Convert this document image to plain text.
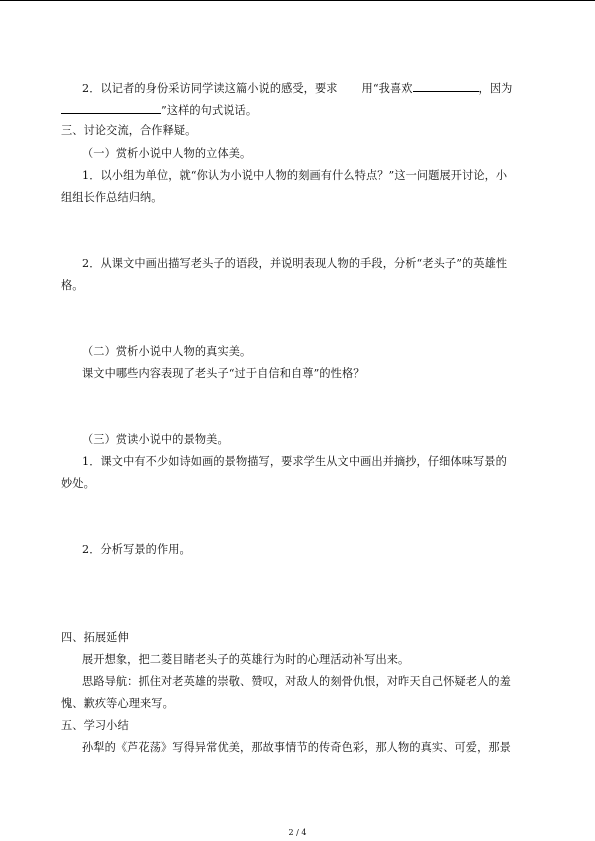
2．以记者的身份采访同学读这篇小说的感受，要求 用“我喜欢	，因为

”这样的句式说话。

三、讨论交流，合作释疑。

（一）赏析小说中人物的立体美。

1．以小组为单位，就“你认为小说中人物的刻画有什么特点？”这一问题展开讨论，小

组组长作总结归纳。

2．从课文中画出描写老头子的语段，并说明表现人物的手段，分析“老头子”的英雄性

格。

（二）赏析小说中人物的真实美。

课文中哪些内容表现了老头子“过于自信和自尊”的性格？

（三）赏读小说中的景物美。

1．课文中有不少如诗如画的景物描写，要求学生从文中画出并摘抄，仔细体味写景的

妙处。

2．分析写景的作用。

四、拓展延伸

展开想象，把二菱目睹老头子的英雄行为时的心理活动补写出来。

思路导航：抓住对老英雄的崇敬、赞叹，对敌人的刻骨仇恨，对昨天自己怀疑老人的羞

愧、歉疚等心理来写。

五、学习小结

孙犁的《芦花荡》写得异常优美，那故事情节的传奇色彩，那人物的真实、可爱，那景

2 / 4
